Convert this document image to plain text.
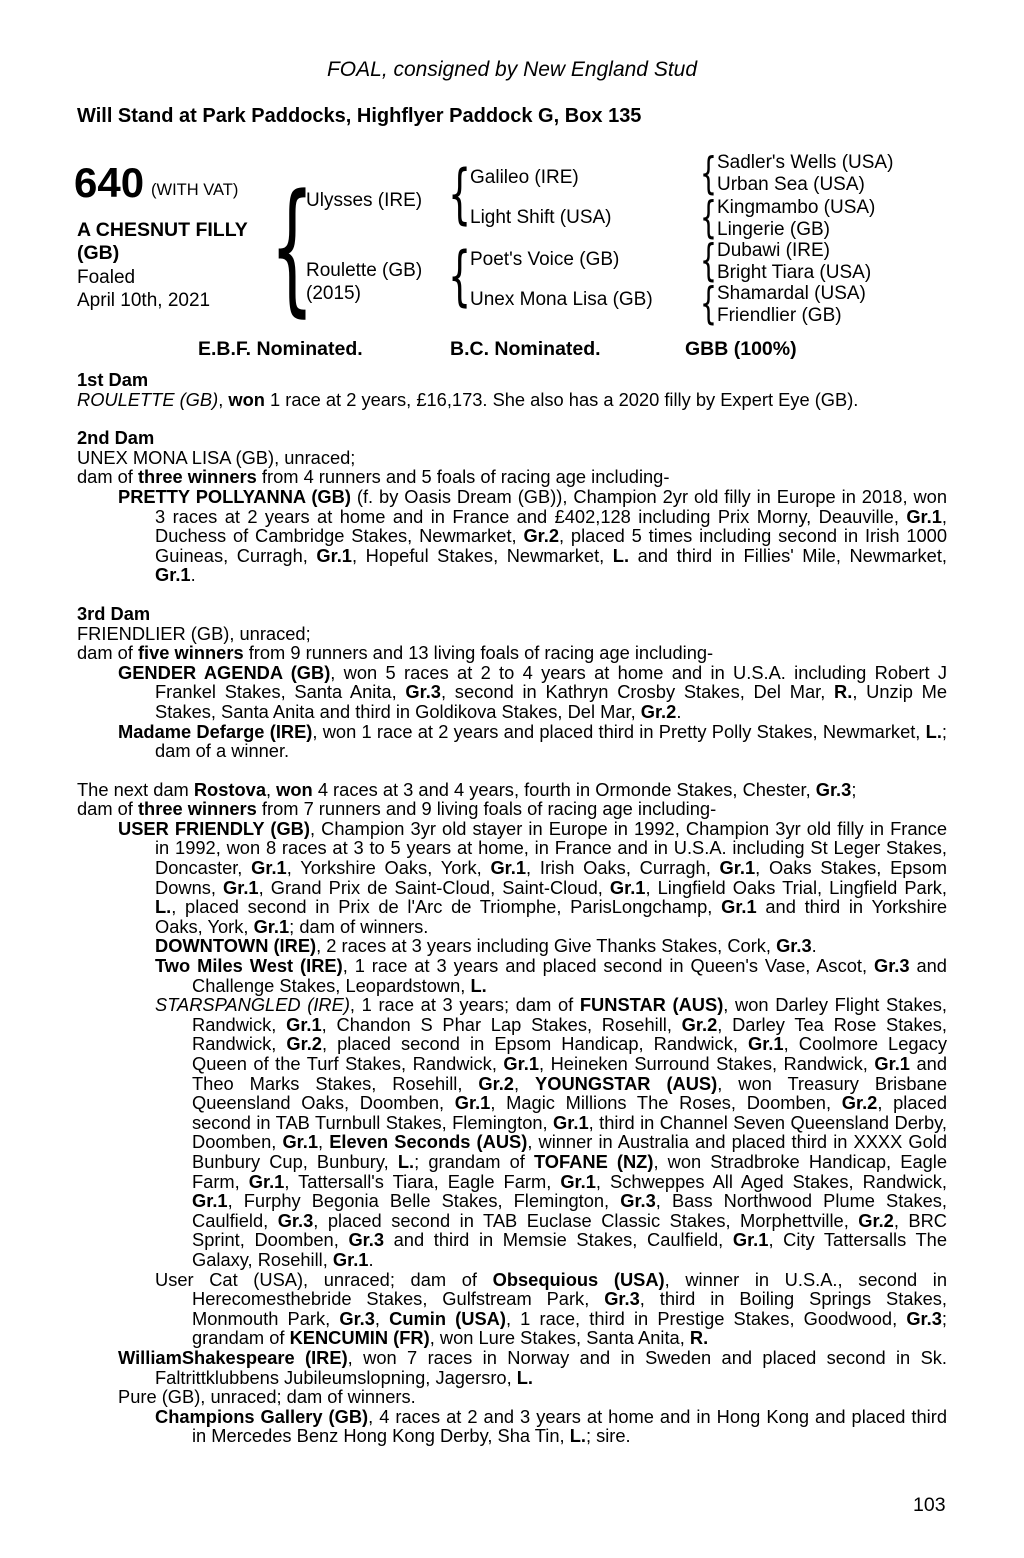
FOAL, consigned by New England Stud
Will Stand at Park Paddocks, Highflyer Paddock G, Box 135
640 (WITH VAT)
A CHESNUT FILLY
(GB)
Foaled
April 10th, 2021 {
Ulysses (IRE)
Roulette (GB)
(2015)
{
Galileo (IRE)
Light Shift (USA)
{
Poet's Voice (GB)
Unex Mona Lisa (GB)
{ Sadler's Wells (USA)
Urban Sea (USA)
{ Kingmambo (USA)
Lingerie (GB)
{ Dubawi (IRE)
Bright Tiara (USA)
{ Shamardal (USA)
Friendlier (GB)
E.B.F. Nominated.	B.C. Nominated.	GBB (100%)
1st Dam
ROULETTE (GB), won 1 race at 2 years, £16,173. She also has a 2020 filly by Expert Eye (GB).
2nd Dam
UNEX MONA LISA (GB), unraced;
dam of three winners from 4 runners and 5 foals of racing age including-
PRETTY POLLYANNA (GB) (f. by Oasis Dream (GB)), Champion 2yr old filly in Europe in 2018, won 3 races at 2 years at home and in France and £402,128 including Prix Morny, Deauville, Gr.1, Duchess of Cambridge Stakes, Newmarket, Gr.2, placed 5 times including second in Irish 1000 Guineas, Curragh, Gr.1, Hopeful Stakes, Newmarket, L. and third in Fillies' Mile, Newmarket, Gr.1.
3rd Dam
FRIENDLIER (GB), unraced;
dam of five winners from 9 runners and 13 living foals of racing age including-
GENDER AGENDA (GB), won 5 races at 2 to 4 years at home and in U.S.A. including Robert J Frankel Stakes, Santa Anita, Gr.3, second in Kathryn Crosby Stakes, Del Mar, R., Unzip Me Stakes, Santa Anita and third in Goldikova Stakes, Del Mar, Gr.2.
Madame Defarge (IRE), won 1 race at 2 years and placed third in Pretty Polly Stakes, Newmarket, L.; dam of a winner.
The next dam Rostova, won 4 races at 3 and 4 years, fourth in Ormonde Stakes, Chester, Gr.3;
dam of three winners from 7 runners and 9 living foals of racing age including-
USER FRIENDLY (GB), Champion 3yr old stayer in Europe in 1992, Champion 3yr old filly in France in 1992, won 8 races at 3 to 5 years at home, in France and in U.S.A. including St Leger Stakes, Doncaster, Gr.1, Yorkshire Oaks, York, Gr.1, Irish Oaks, Curragh, Gr.1, Oaks Stakes, Epsom Downs, Gr.1, Grand Prix de Saint-Cloud, Saint-Cloud, Gr.1, Lingfield Oaks Trial, Lingfield Park, L., placed second in Prix de l'Arc de Triomphe, ParisLongchamp, Gr.1 and third in Yorkshire Oaks, York, Gr.1; dam of winners.
DOWNTOWN (IRE), 2 races at 3 years including Give Thanks Stakes, Cork, Gr.3.
Two Miles West (IRE), 1 race at 3 years and placed second in Queen's Vase, Ascot, Gr.3 and Challenge Stakes, Leopardstown, L.
STARSPANGLED (IRE), 1 race at 3 years; dam of FUNSTAR (AUS), won Darley Flight Stakes, Randwick, Gr.1, Chandon S Phar Lap Stakes, Rosehill, Gr.2, Darley Tea Rose Stakes, Randwick, Gr.2, placed second in Epsom Handicap, Randwick, Gr.1, Coolmore Legacy Queen of the Turf Stakes, Randwick, Gr.1, Heineken Surround Stakes, Randwick, Gr.1 and Theo Marks Stakes, Rosehill, Gr.2, YOUNGSTAR (AUS), won Treasury Brisbane Queensland Oaks, Doomben, Gr.1, Magic Millions The Roses, Doomben, Gr.2, placed second in TAB Turnbull Stakes, Flemington, Gr.1, third in Channel Seven Queensland Derby, Doomben, Gr.1, Eleven Seconds (AUS), winner in Australia and placed third in XXXX Gold Bunbury Cup, Bunbury, L.; grandam of TOFANE (NZ), won Stradbroke Handicap, Eagle Farm, Gr.1, Tattersall's Tiara, Eagle Farm, Gr.1, Schweppes All Aged Stakes, Randwick, Gr.1, Furphy Begonia Belle Stakes, Flemington, Gr.3, Bass Northwood Plume Stakes, Caulfield, Gr.3, placed second in TAB Euclase Classic Stakes, Morphettville, Gr.2, BRC Sprint, Doomben, Gr.3 and third in Memsie Stakes, Caulfield, Gr.1, City Tattersalls The Galaxy, Rosehill, Gr.1.
User Cat (USA), unraced; dam of Obsequious (USA), winner in U.S.A., second in Herecomesthebride Stakes, Gulfstream Park, Gr.3, third in Boiling Springs Stakes, Monmouth Park, Gr.3, Cumin (USA), 1 race, third in Prestige Stakes, Goodwood, Gr.3; grandam of KENCUMIN (FR), won Lure Stakes, Santa Anita, R.
WilliamShakespeare (IRE), won 7 races in Norway and in Sweden and placed second in Sk. Faltrittklubbens Jubileumslopning, Jagersro, L.
Pure (GB), unraced; dam of winners.
Champions Gallery (GB), 4 races at 2 and 3 years at home and in Hong Kong and placed third in Mercedes Benz Hong Kong Derby, Sha Tin, L.; sire.
103
